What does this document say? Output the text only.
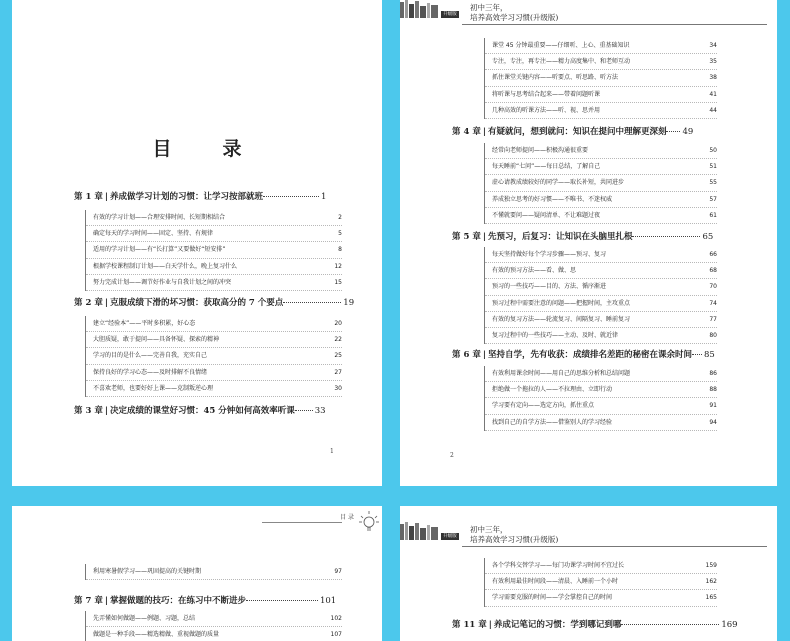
目　录
第 1 章 | 养成做学习计划的习惯：让学习按部就班	1
有效的学习计划——合理安排时间、长短期相结合	2
确定每天的学习时间——固定、坚持、有规律	5
适用的学习计划——有“长打算”又要做好“短安排”	8
根据学校课程制订计划——白天学什么，晚上复习什么	12
努力完成计划——调节好作业与自我计划之间的冲突	15
第 2 章 | 克服成绩下滑的坏习惯：获取高分的 7 个要点	19
建立“经验本”——平时多积累，好心态	20
大胆质疑，敢于提问——具备怀疑、探索的精神	22
学习的目的是什么——完善自我，充实自己	25
保持良好的学习心态——及时排解不良情绪	27
不喜欢老师，也要好好上课——克制叛逆心理	30
第 3 章 | 决定成绩的课堂好习惯：45 分钟如何高效率听课 33
1
升级版
初中三年，
培养高效学习习惯(升级版)
课堂 45 分钟最重要——仔细听、上心、重基础知识	34
专注，专注，再专注——精力高度集中、和老师互动	35
抓住课堂关键内容——听要点、听思路、听方法	38
将听课与思考结合起来——带着问题听课	41
几种高效的听课方法——听、视、思并用	44
第 4 章 | 有疑就问，想到就问：知识在提问中理解更深刻 49
经常向老师提问——积极沟通很重要	50
每天睡前“七问”——每日总结，了解自己	51
虚心请教成绩较好的同学——取长补短，共同进步	55
养成独立思考的好习惯——不唯书、不迷权威	57
不懂就要问——疑问清单、不让难题过夜	61
第 5 章 | 先预习，后复习：让知识在头脑里扎根	65
每天坚持做好每个学习步骤——预习、复习	66
有效的预习方法——看、做、思	68
预习的一些技巧——目的、方法、循序渐进	70
预习过程中需要注意的问题——把握时间，主攻重点	74
有效的复习方法——轮流复习、间隔复习、睡前复习	77
复习过程中的一些技巧——主动、及时、就近律	80
第 6 章 | 坚持自学，先有收获：成绩排名差距的秘密在课余时间 85
有效利用课余时间——用自己的思维分析和总结问题	86
拒绝做一个拖拉的人——不拉理由、立即行动	88
学习要有定向——选定方向，抓住重点	91
找到自己的自学方法——借鉴别人的学习经验	94
2
目 录
利用寒暑假学习——巩固提高的关键时期	97
第 7 章 | 掌握做题的技巧：在练习中不断进步	101
先弄懂如何做题——例题、习题，总结	102
做题是一种手段——精选精做、重视做题的质量	107
升级版
初中三年，
培养高效学习习惯(升级版)
各个学科交替学习——每门功课学习时间不宜过长	159
有效利用最佳时间段——清晨、入睡前一个小时	162
学习需要克服的时间——学会掌控自己的时间	165
第 11 章 | 养成记笔记的习惯：学到哪记到哪	169
